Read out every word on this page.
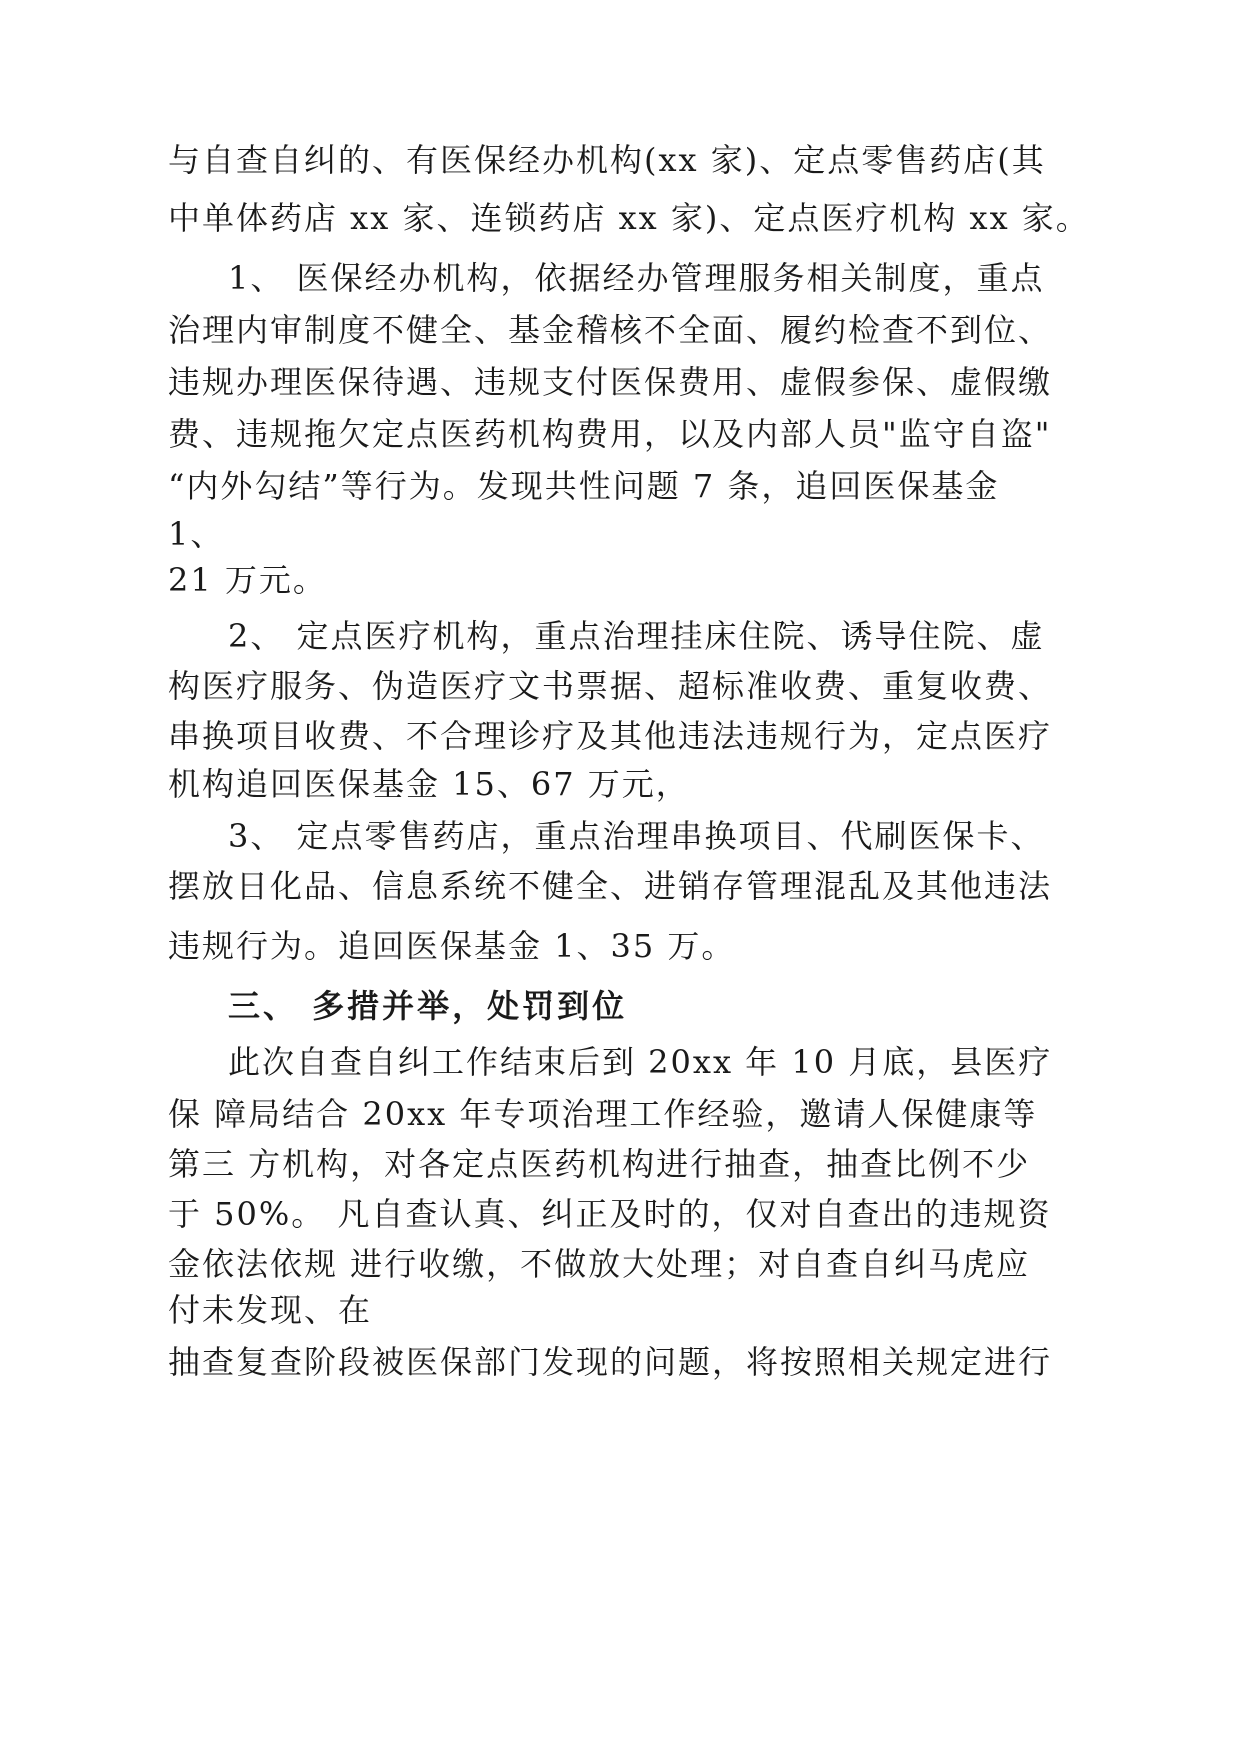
与自查自纠的、有医保经办机构(xx 家)、定点零售药店(其
中单体药店 xx 家、连锁药店 xx 家)、定点医疗机构 xx 家。
1、 医保经办机构，依据经办管理服务相关制度，重点
治理内审制度不健全、基金稽核不全面、履约检查不到位、
违规办理医保待遇、违规支付医保费用、虚假参保、虚假缴
费、违规拖欠定点医药机构费用，以及内部人员"监守自盗"
“内外勾结”等行为。发现共性问题 7 条，追回医保基金
1、
21 万元。
2、 定点医疗机构，重点治理挂床住院、诱导住院、虚
构医疗服务、伪造医疗文书票据、超标准收费、重复收费、
串换项目收费、不合理诊疗及其他违法违规行为，定点医疗
机构追回医保基金 15、67 万元，
3、 定点零售药店，重点治理串换项目、代刷医保卡、
摆放日化品、信息系统不健全、进销存管理混乱及其他违法
违规行为。追回医保基金 1、35 万。
三、 多措并举，处罚到位
此次自查自纠工作结束后到 20xx 年 10 月底，县医疗
保 障局结合 20xx 年专项治理工作经验，邀请人保健康等
第三 方机构，对各定点医药机构进行抽查，抽查比例不少
于 50%。 凡自查认真、纠正及时的，仅对自查出的违规资
金依法依规 进行收缴，不做放大处理；对自查自纠马虎应
付未发现、在
抽查复查阶段被医保部门发现的问题，将按照相关规定进行
